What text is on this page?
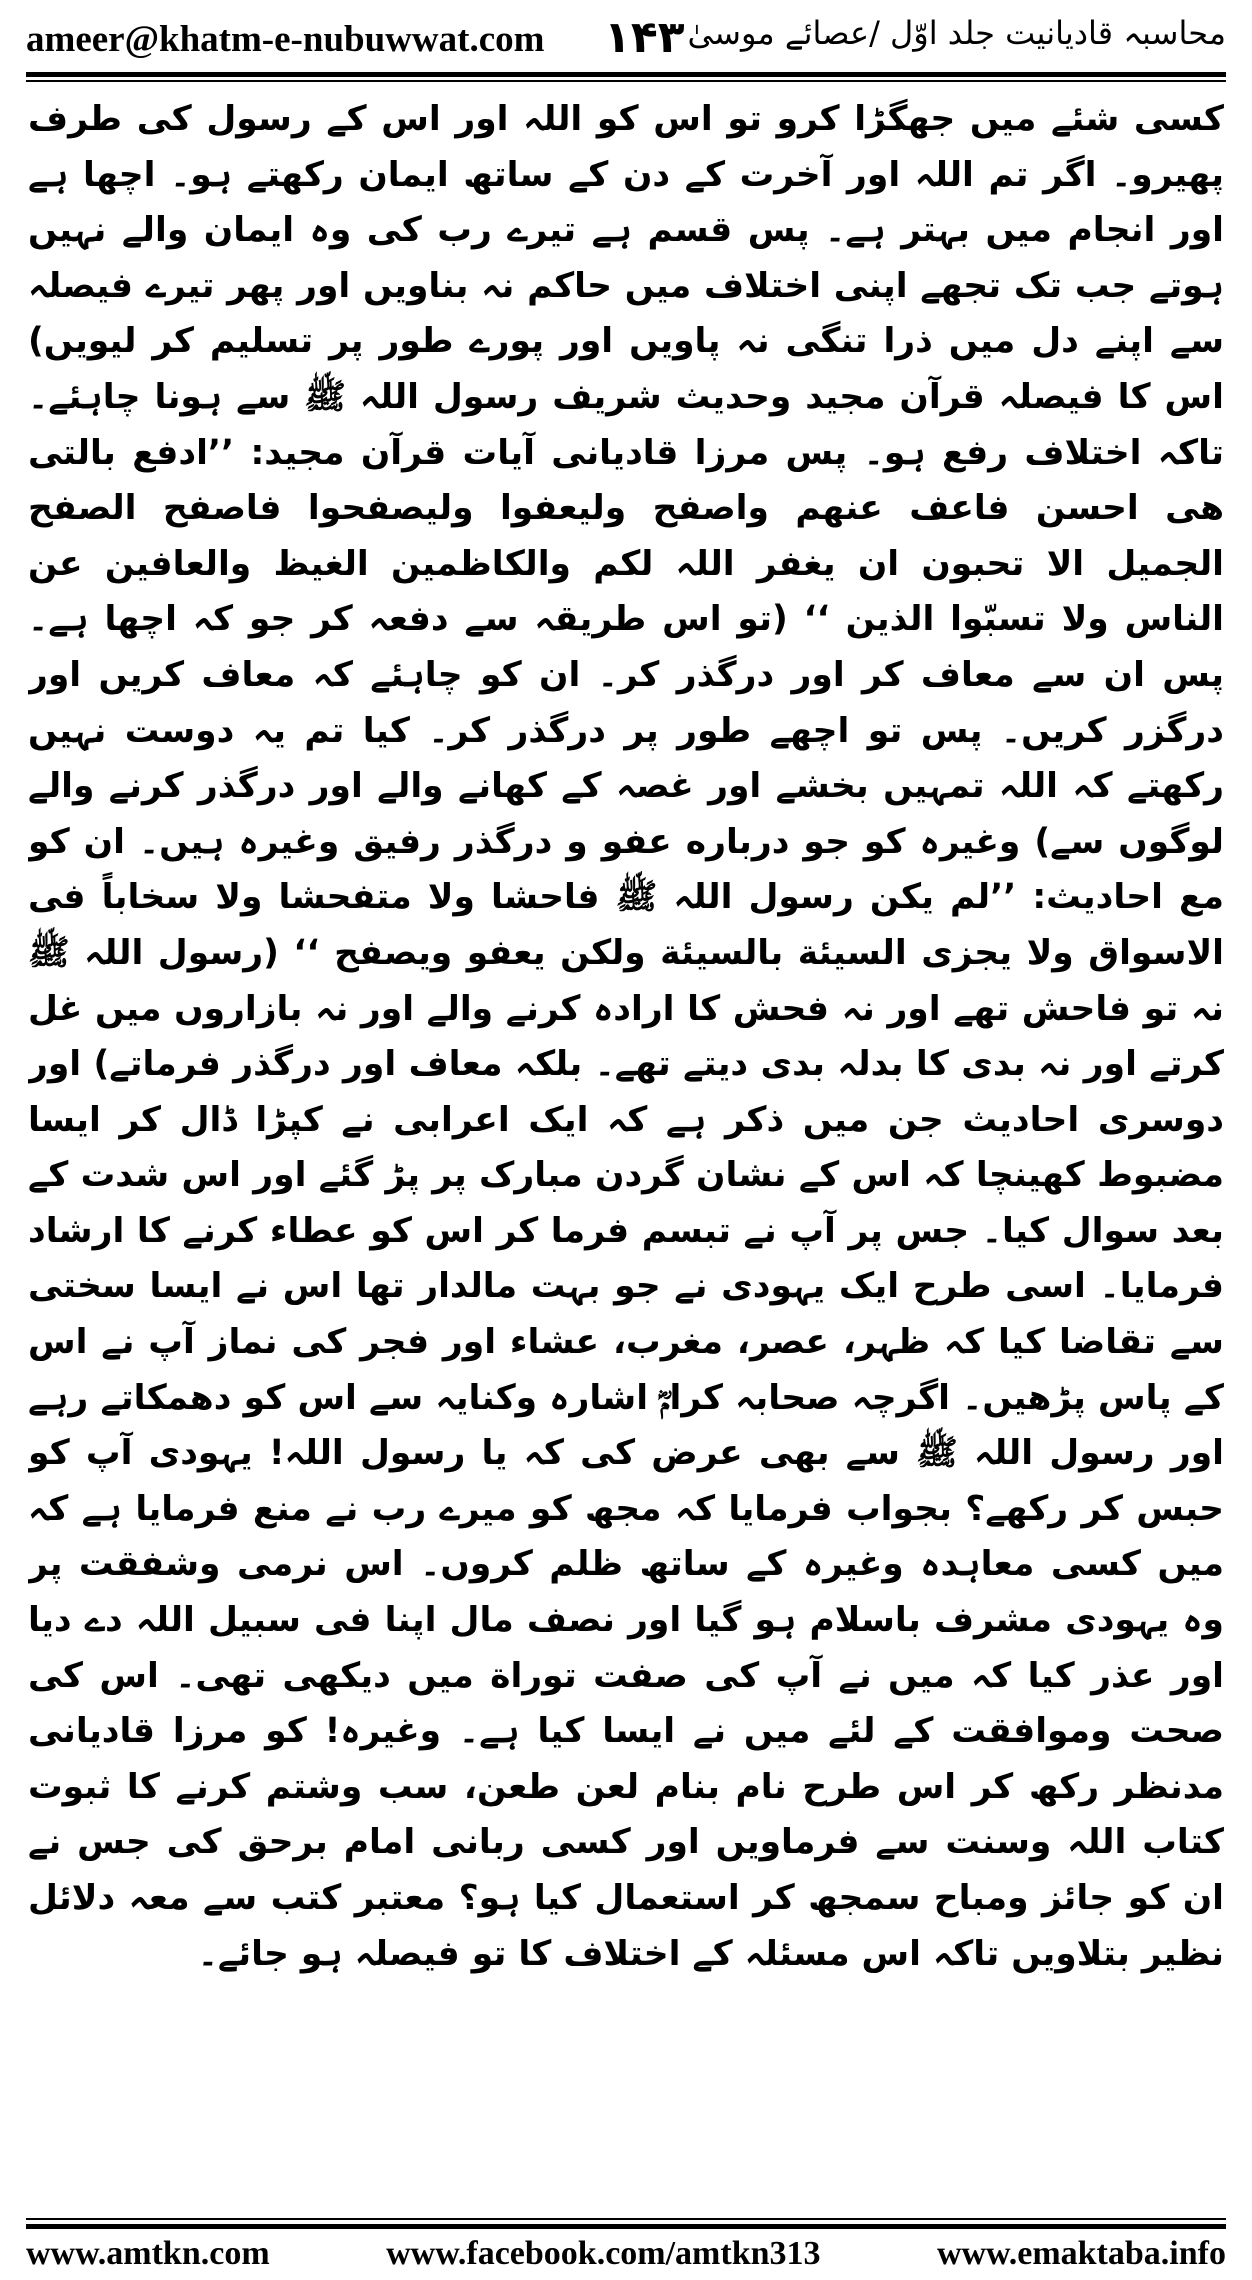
ameer@khatm-e-nubuwwat.com ۱۴۳ محاسبہ قادیانیت جلد اوّل /عصائے موسیٰ

کسی شئے میں جھگڑا کرو تو اس کو اللہ اور اس کے رسول کی طرف پھیرو۔ اگر تم اللہ اور آخرت کے دن کے ساتھ ایمان رکھتے ہو۔ اچھا ہے اور انجام میں بہتر ہے۔ پس قسم ہے تیرے رب کی وہ ایمان والے نہیں ہوتے جب تک تجھے اپنی اختلاف میں حاکم نہ بناویں اور پھر تیرے فیصلہ سے اپنے دل میں ذرا تنگی نہ پاویں اور پورے طور پر تسلیم کر لیویں) اس کا فیصلہ قرآن مجید وحدیث شریف رسول اللہ ﷺ سے ہونا چاہئے۔ تاکہ اختلاف رفع ہو۔ پس مرزا قادیانی آیات قرآن مجید: ’’ادفع بالتی ھی احسن فاعف عنھم واصفح ولیعفوا ولیصفحوا فاصفح الصفح الجمیل الا تحبون ان یغفر اللہ لکم والکاظمین الغیظ والعافین عن الناس ولا تسبّوا الذین ‘‘ (تو اس طریقہ سے دفعہ کر جو کہ اچھا ہے۔ پس ان سے معاف کر اور درگذر کر۔ ان کو چاہئے کہ معاف کریں اور درگزر کریں۔ پس تو اچھے طور پر درگذر کر۔ کیا تم یہ دوست نہیں رکھتے کہ اللہ تمہیں بخشے اور غصہ کے کھانے والے اور درگذر کرنے والے لوگوں سے) وغیرہ کو جو درباره عفو و درگذر رفیق وغیرہ ہیں۔ ان کو مع احادیث: ’’لم یکن رسول اللہ ﷺ فاحشا ولا متفحشا ولا سخاباً فی الاسواق ولا یجزی السیئة بالسیئة ولکن یعفو ویصفح ‘‘ (رسول اللہ ﷺ نہ تو فاحش تھے اور نہ فحش کا ارادہ کرنے والے اور نہ بازاروں میں غل کرتے اور نہ بدی کا بدلہ بدی دیتے تھے۔ بلکہ معاف اور درگذر فرماتے) اور دوسری احادیث جن میں ذکر ہے کہ ایک اعرابی نے کپڑا ڈال کر ایسا مضبوط کھینچا کہ اس کے نشان گردن مبارک پر پڑ گئے اور اس شدت کے بعد سوال کیا۔ جس پر آپ نے تبسم فرما کر اس کو عطاء کرنے کا ارشاد فرمایا۔ اسی طرح ایک یہودی نے جو بہت مالدار تھا اس نے ایسا سختی سے تقاضا کیا کہ ظہر، عصر، مغرب، عشاء اور فجر کی نماز آپ نے اس کے پاس پڑھیں۔ اگرچہ صحابہ کرامؓ اشارہ وکنایہ سے اس کو دھمکاتے رہے اور رسول اللہ ﷺ سے بھی عرض کی کہ یا رسول اللہ! یہودی آپ کو حبس کر رکھے؟ بجواب فرمایا کہ مجھ کو میرے رب نے منع فرمایا ہے کہ میں کسی معاہدہ وغیرہ کے ساتھ ظلم کروں۔ اس نرمی وشفقت پر وہ یہودی مشرف باسلام ہو گیا اور نصف مال اپنا فی سبیل اللہ دے دیا اور عذر کیا کہ میں نے آپ کی صفت توراة میں دیکھی تھی۔ اس کی صحت وموافقت کے لئے میں نے ایسا کیا ہے۔ وغیرہ! کو مرزا قادیانی مدنظر رکھ کر اس طرح نام بنام لعن طعن، سب وشتم کرنے کا ثبوت کتاب اللہ وسنت سے فرماویں اور کسی ربانی امام برحق کی جس نے ان کو جائز ومباح سمجھ کر استعمال کیا ہو؟ معتبر کتب سے معہ دلائل نظیر بتلاویں تاکہ اس مسئلہ کے اختلاف کا تو فیصلہ ہو جائے۔

www.amtkn.com	www.facebook.com/amtkn313	www.emaktaba.info
